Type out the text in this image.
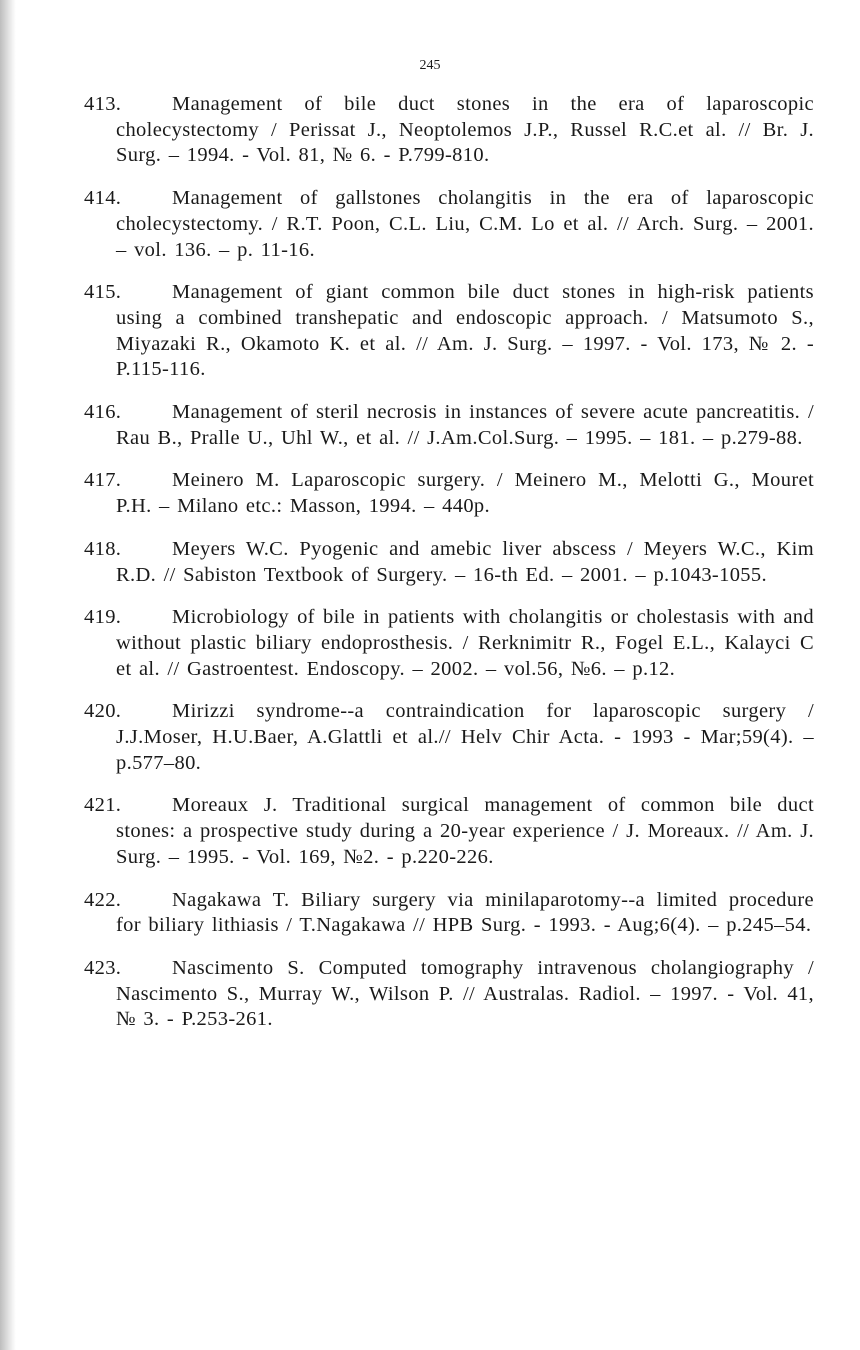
245
413. Management of bile duct stones in the era of laparoscopic cholecystectomy / Perissat J., Neoptolemos J.P., Russel R.C.et al. // Br. J. Surg. – 1994. - Vol. 81, № 6. - P.799-810.
414. Management of gallstones cholangitis in the era of laparoscopic cholecystectomy. / R.T. Poon, C.L. Liu, C.M. Lo et al. // Arch. Surg. – 2001. – vol. 136. – p. 11-16.
415. Management of giant common bile duct stones in high-risk patients using a combined transhepatic and endoscopic approach. / Matsumoto S., Miyazaki R., Okamoto K. et al. // Am. J. Surg. – 1997. - Vol. 173, № 2. - P.115-116.
416. Management of steril necrosis in instances of severe acute pancreatitis. / Rau B., Pralle U., Uhl W., et al. // J.Am.Col.Surg. – 1995. – 181. – p.279-88.
417. Meinero M. Laparoscopic surgery. / Meinero M., Melotti G., Mouret P.H. – Milano etc.: Masson, 1994. – 440p.
418. Meyers W.C. Pyogenic and amebic liver abscess / Meyers W.C., Kim R.D. // Sabiston Textbook of Surgery. – 16-th Ed. – 2001. – p.1043-1055.
419. Microbiology of bile in patients with cholangitis or cholestasis with and without plastic biliary endoprosthesis. / Rerknimitr R., Fogel E.L., Kalayci C et al. // Gastroentest. Endoscopy. – 2002. – vol.56, №6. – p.12.
420. Mirizzi syndrome--a contraindication for laparoscopic surgery / J.J.Moser, H.U.Baer, A.Glattli et al.// Helv Chir Acta. - 1993 - Mar;59(4). – p.577–80.
421. Moreaux J. Traditional surgical management of common bile duct stones: a prospective study during a 20-year experience / J. Moreaux. // Am. J. Surg. – 1995. - Vol. 169, №2. - p.220-226.
422. Nagakawa T. Biliary surgery via minilaparotomy--a limited procedure for biliary lithiasis / T.Nagakawa // HPB Surg. - 1993. - Aug;6(4). – p.245–54.
423. Nascimento S. Computed tomography intravenous cholangiography / Nascimento S., Murray W., Wilson P. // Australas. Radiol. – 1997. - Vol. 41, № 3. - P.253-261.
